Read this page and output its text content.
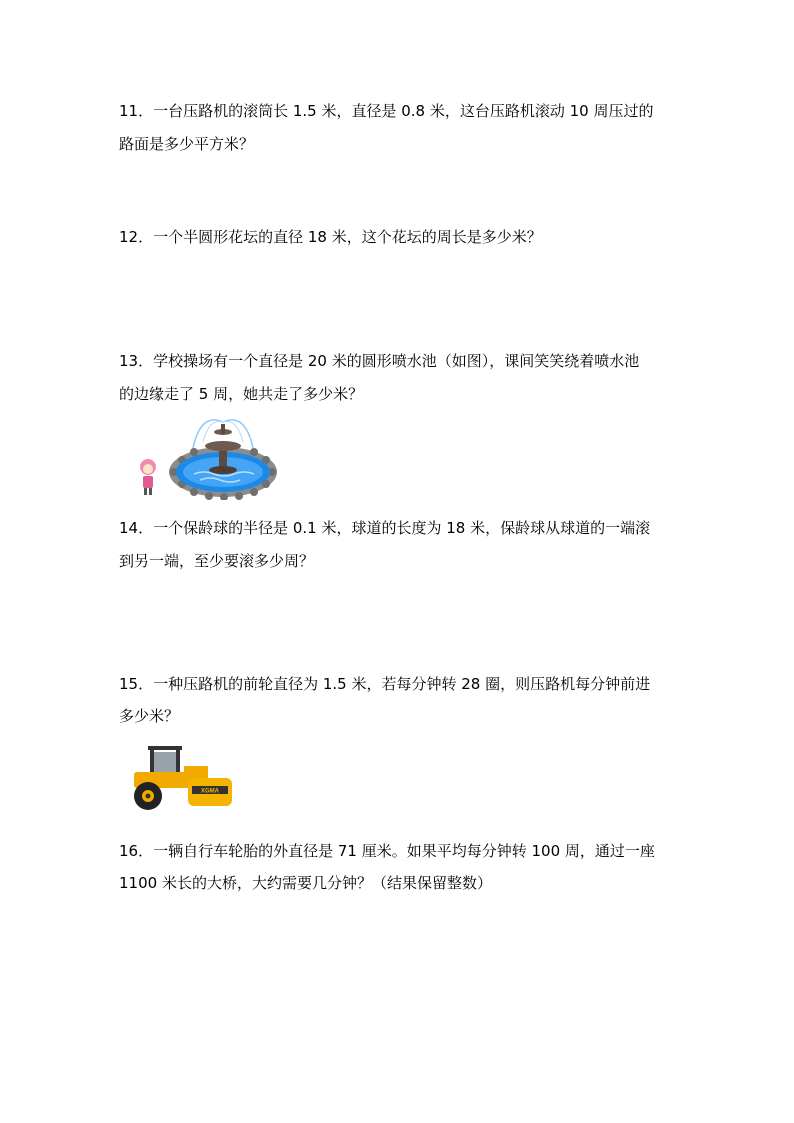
11．一台压路机的滚筒长 1.5 米，直径是 0.8 米，这台压路机滚动 10 周压过的
路面是多少平方米？
12．一个半圆形花坛的直径 18 米，这个花坛的周长是多少米？
13．学校操场有一个直径是 20 米的圆形喷水池（如图），课间笑笑绕着喷水池
的边缘走了 5 周，她共走了多少米？
14．一个保龄球的半径是 0.1 米，球道的长度为 18 米，保龄球从球道的一端滚
到另一端，至少要滚多少周？
15．一种压路机的前轮直径为 1.5 米，若每分钟转 28 圈，则压路机每分钟前进
多少米？
XGMA
16．一辆自行车轮胎的外直径是 71 厘米。如果平均每分钟转 100 周，通过一座
1100 米长的大桥，大约需要几分钟？（结果保留整数）
